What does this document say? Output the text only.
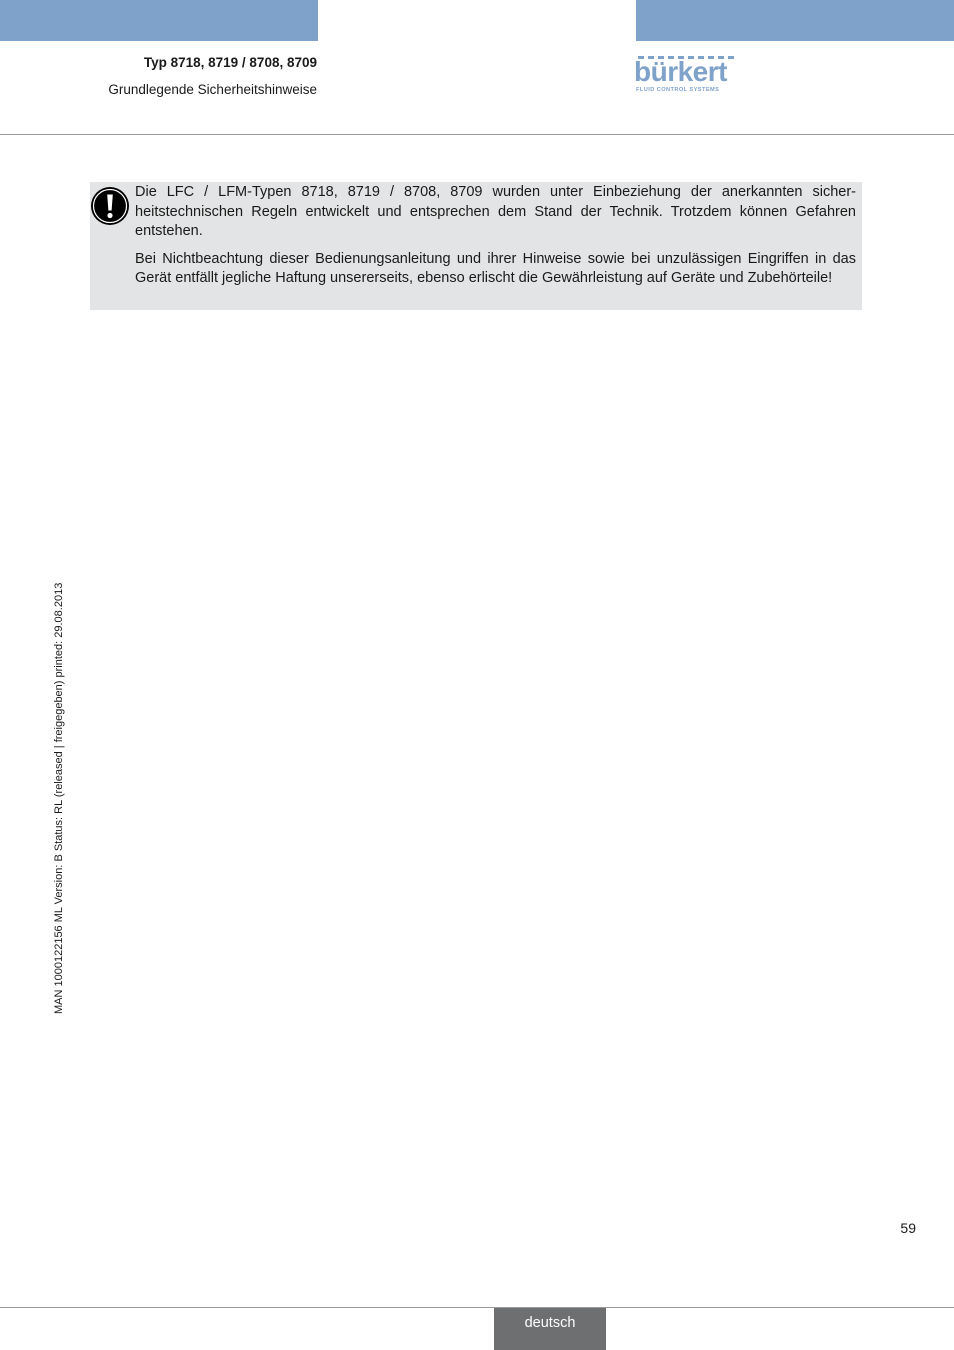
Typ 8718, 8719 / 8708, 8709
Grundlegende Sicherheitshinweise
bürkert
FLUID CONTROL SYSTEMS

Die LFC / LFM-Typen 8718, 8719 / 8708, 8709 wurden unter Einbeziehung der anerkannten sicherheitstechnischen Regeln entwickelt und entsprechen dem Stand der Technik. Trotzdem können Gefahren entstehen.

Bei Nichtbeachtung dieser Bedienungsanleitung und ihrer Hinweise sowie bei unzulässigen Eingriffen in das Gerät entfällt jegliche Haftung unsererseits, ebenso erlischt die Gewährleistung auf Geräte und Zubehörteile!

MAN 1000122156 ML Version: B Status: RL (released | freigegeben) printed: 29.08.2013
59
deutsch
